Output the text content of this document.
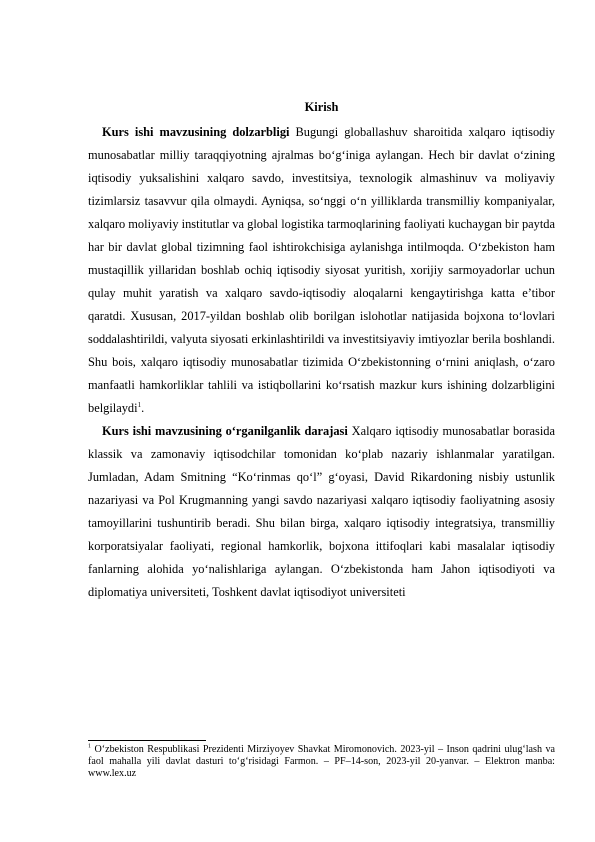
Kirish

Kurs ishi mavzusining dolzarbligi Bugungi globallashuv sharoitida xalqaro iqtisodiy munosabatlar milliy taraqqiyotning ajralmas bo‘g‘iniga aylangan. Hech bir davlat o‘zining iqtisodiy yuksalishini xalqaro savdo, investitsiya, texnologik almashinuv va moliyaviy tizimlarsiz tasavvur qila olmaydi. Ayniqsa, so‘nggi o‘n yilliklarda transmilliy kompaniyalar, xalqaro moliyaviy institutlar va global logistika tarmoqlarining faoliyati kuchaygan bir paytda har bir davlat global tizimning faol ishtirokchisiga aylanishga intilmoqda. O‘zbekiston ham mustaqillik yillaridan boshlab ochiq iqtisodiy siyosat yuritish, xorijiy sarmoyadorlar uchun qulay muhit yaratish va xalqaro savdo-iqtisodiy aloqalarni kengaytirishga katta e’tibor qaratdi. Xususan, 2017-yildan boshlab olib borilgan islohotlar natijasida bojxona to‘lovlari soddalashtirildi, valyuta siyosati erkinlashtirildi va investitsiyaviy imtiyozlar berila boshlandi. Shu bois, xalqaro iqtisodiy munosabatlar tizimida O‘zbekistonning o‘rnini aniqlash, o‘zaro manfaatli hamkorliklar tahlili va istiqbollarini ko‘rsatish mazkur kurs ishining dolzarbligini belgilaydi$^1$.

Kurs ishi mavzusining o‘rganilganlik darajasi Xalqaro iqtisodiy munosabatlar borasida klassik va zamonaviy iqtisodchilar tomonidan ko‘plab nazariy ishlanmalar yaratilgan. Jumladan, Adam Smitning “Ko‘rinmas qo‘l” g‘oyasi, David Rikardoning nisbiy ustunlik nazariyasi va Pol Krugmanning yangi savdo nazariyasi xalqaro iqtisodiy faoliyatning asosiy tamoyillarini tushuntirib beradi. Shu bilan birga, xalqaro iqtisodiy integratsiya, transmilliy korporatsiyalar faoliyati, regional hamkorlik, bojxona ittifoqlari kabi masalalar iqtisodiy fanlarning alohida yo‘nalishlariga aylangan. O‘zbekistonda ham Jahon iqtisodiyoti va diplomatiya universiteti, Toshkent davlat iqtisodiyot universiteti

$^1$ O‘zbekiston Respublikasi Prezidenti Mirziyoyev Shavkat Miromonovich. 2023-yil – Inson qadrini ulug‘lash va faol mahalla yili davlat dasturi to‘g‘risidagi Farmon. – PF–14-son, 2023-yil 20-yanvar. – Elektron manba: www.lex.uz
